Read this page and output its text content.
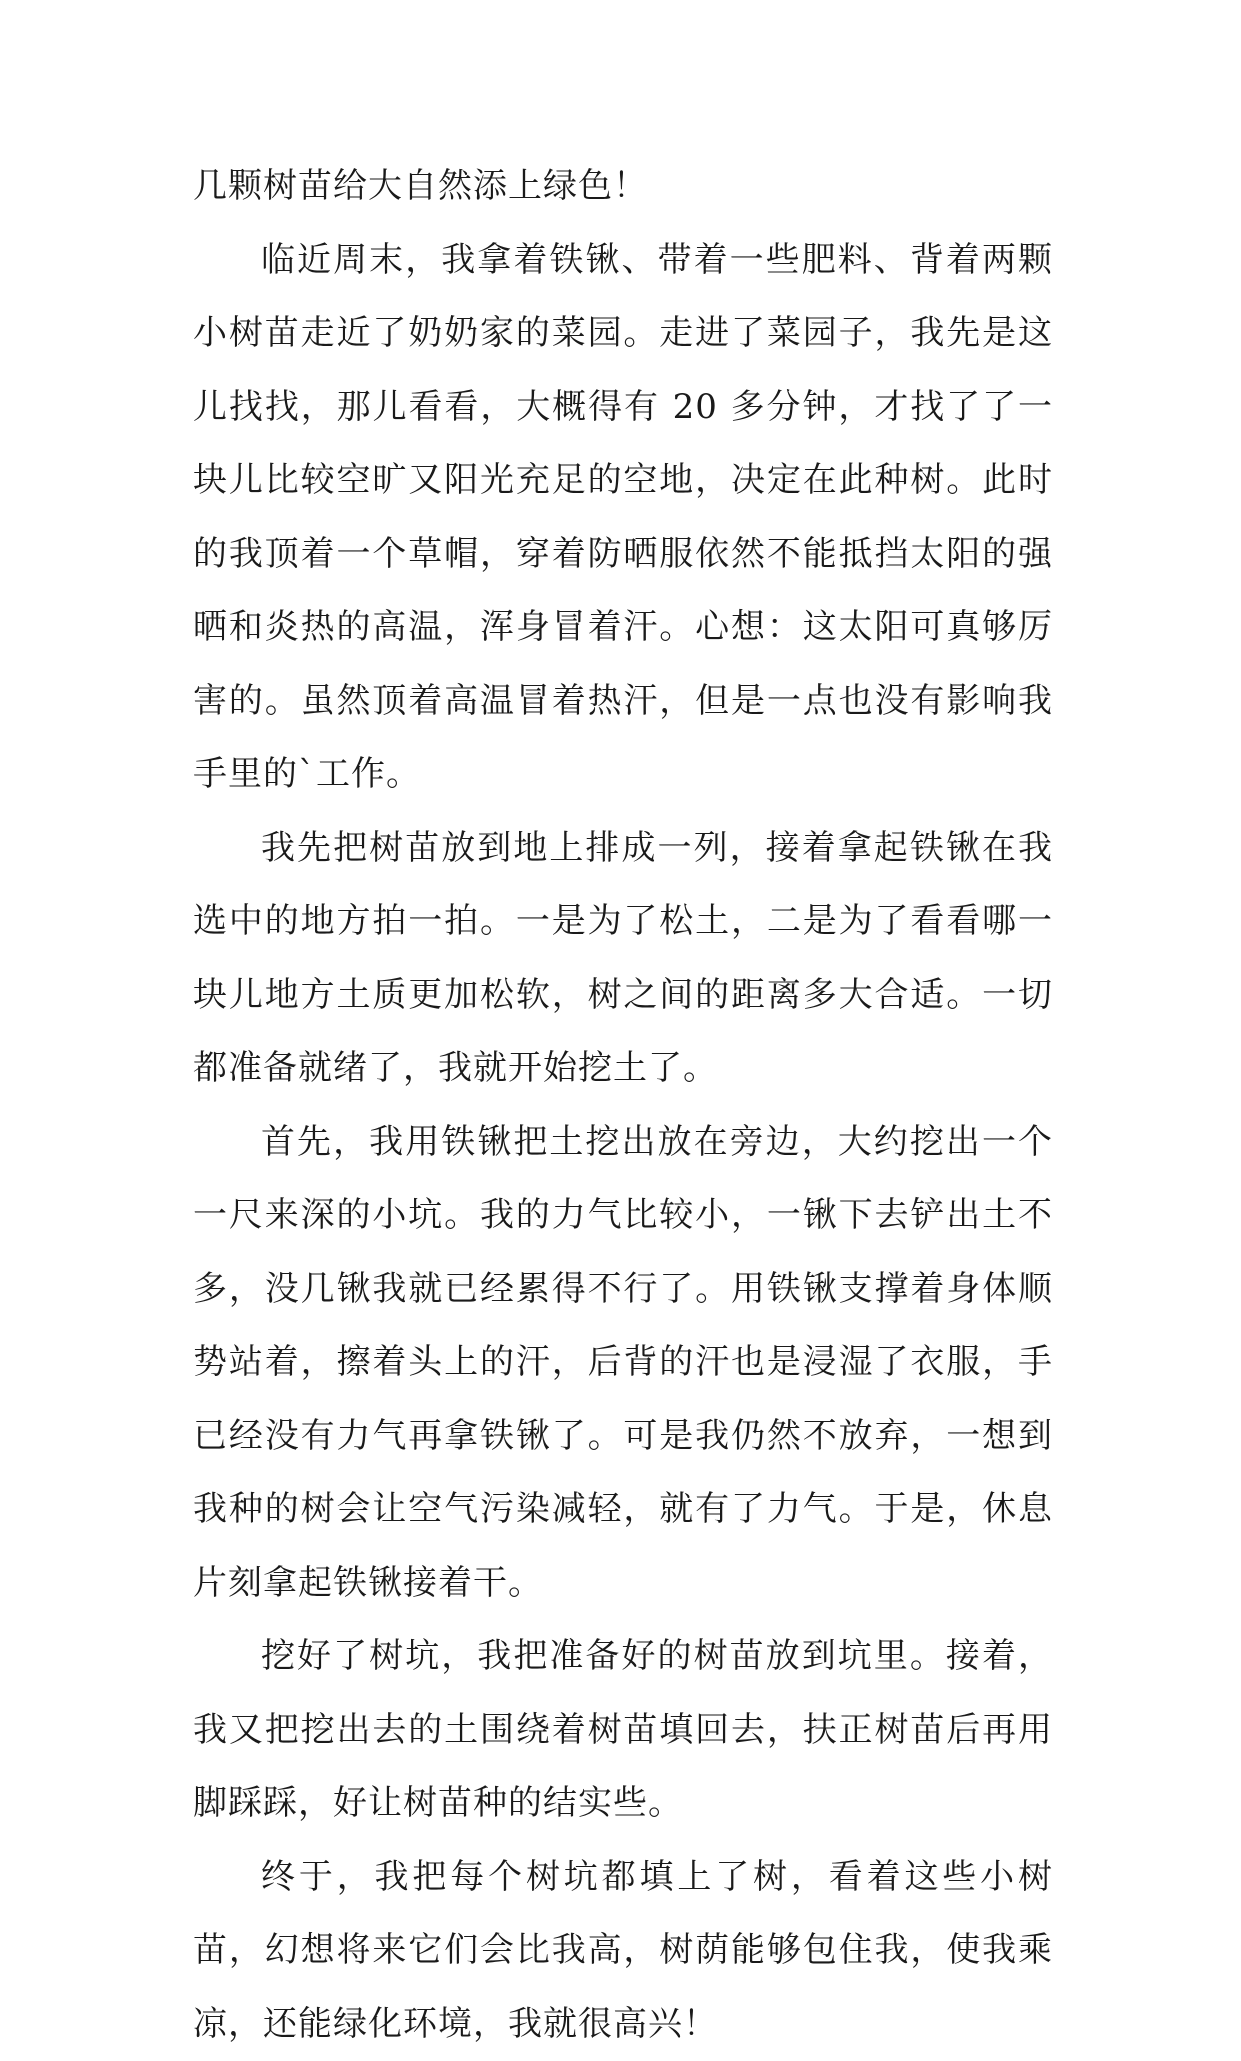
几颗树苗给大自然添上绿色！

临近周末，我拿着铁锹、带着一些肥料、背着两颗小树苗走近了奶奶家的菜园。走进了菜园子，我先是这儿找找，那儿看看，大概得有 20 多分钟，才找了了一块儿比较空旷又阳光充足的空地，决定在此种树。此时的我顶着一个草帽，穿着防晒服依然不能抵挡太阳的强晒和炎热的高温，浑身冒着汗。心想：这太阳可真够厉害的。虽然顶着高温冒着热汗，但是一点也没有影响我手里的`工作。

我先把树苗放到地上排成一列，接着拿起铁锹在我选中的地方拍一拍。一是为了松土，二是为了看看哪一块儿地方土质更加松软，树之间的距离多大合适。一切都准备就绪了，我就开始挖土了。

首先，我用铁锹把土挖出放在旁边，大约挖出一个一尺来深的小坑。我的力气比较小，一锹下去铲出土不多，没几锹我就已经累得不行了。用铁锹支撑着身体顺势站着，擦着头上的汗，后背的汗也是浸湿了衣服，手已经没有力气再拿铁锹了。可是我仍然不放弃，一想到我种的树会让空气污染减轻，就有了力气。于是，休息片刻拿起铁锹接着干。

挖好了树坑，我把准备好的树苗放到坑里。接着，我又把挖出去的土围绕着树苗填回去，扶正树苗后再用脚踩踩，好让树苗种的结实些。

终于，我把每个树坑都填上了树，看着这些小树苗，幻想将来它们会比我高，树荫能够包住我，使我乘凉，还能绿化环境，我就很高兴！
